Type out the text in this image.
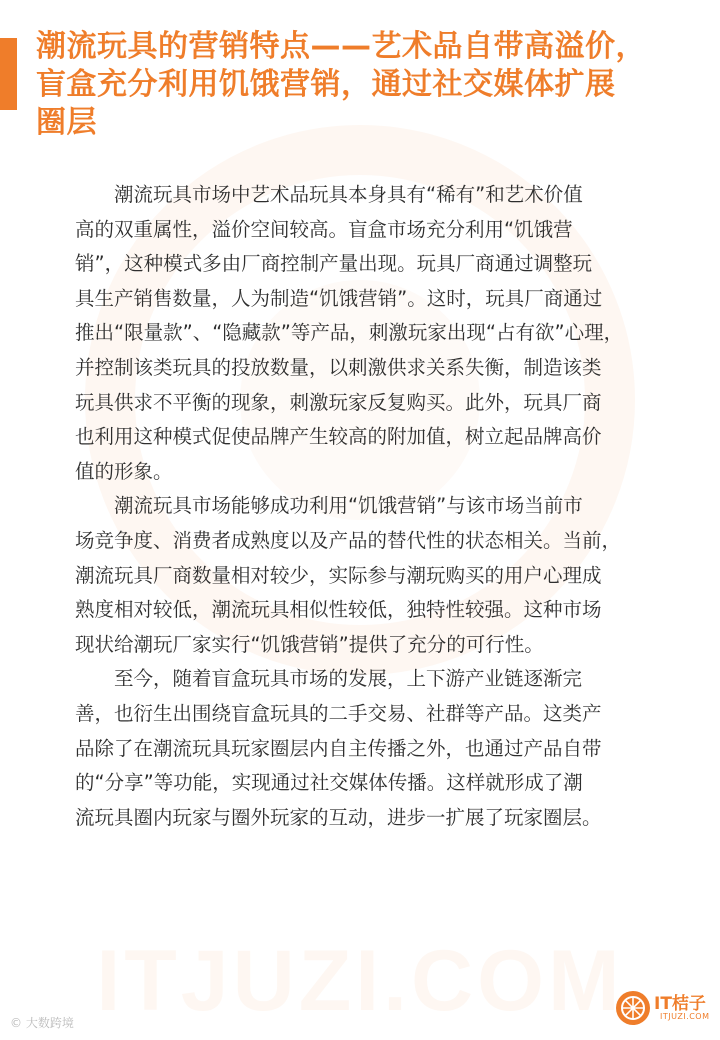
ITJUZI.COM
潮流玩具的营销特点——艺术品自带高溢价，
盲盒充分利用饥饿营销，通过社交媒体扩展
圈层

　　潮流玩具市场中艺术品玩具本身具有“稀有”和艺术价值
高的双重属性，溢价空间较高。盲盒市场充分利用“饥饿营
销”，这种模式多由厂商控制产量出现。玩具厂商通过调整玩
具生产销售数量，人为制造“饥饿营销”。这时，玩具厂商通过
推出“限量款”、“隐藏款”等产品，刺激玩家出现“占有欲”心理，
并控制该类玩具的投放数量，以刺激供求关系失衡，制造该类
玩具供求不平衡的现象，刺激玩家反复购买。此外，玩具厂商
也利用这种模式促使品牌产生较高的附加值，树立起品牌高价
值的形象。

　　潮流玩具市场能够成功利用“饥饿营销”与该市场当前市
场竞争度、消费者成熟度以及产品的替代性的状态相关。当前，
潮流玩具厂商数量相对较少，实际参与潮玩购买的用户心理成
熟度相对较低，潮流玩具相似性较低，独特性较强。这种市场
现状给潮玩厂家实行“饥饿营销”提供了充分的可行性。

　　至今，随着盲盒玩具市场的发展，上下游产业链逐渐完
善，也衍生出围绕盲盒玩具的二手交易、社群等产品。这类产
品除了在潮流玩具玩家圈层内自主传播之外，也通过产品自带
的“分享”等功能，实现通过社交媒体传播。这样就形成了潮
流玩具圈内玩家与圈外玩家的互动，进步一扩展了玩家圈层。

IT桔子
ITJUZI.COM
© 大数跨境
